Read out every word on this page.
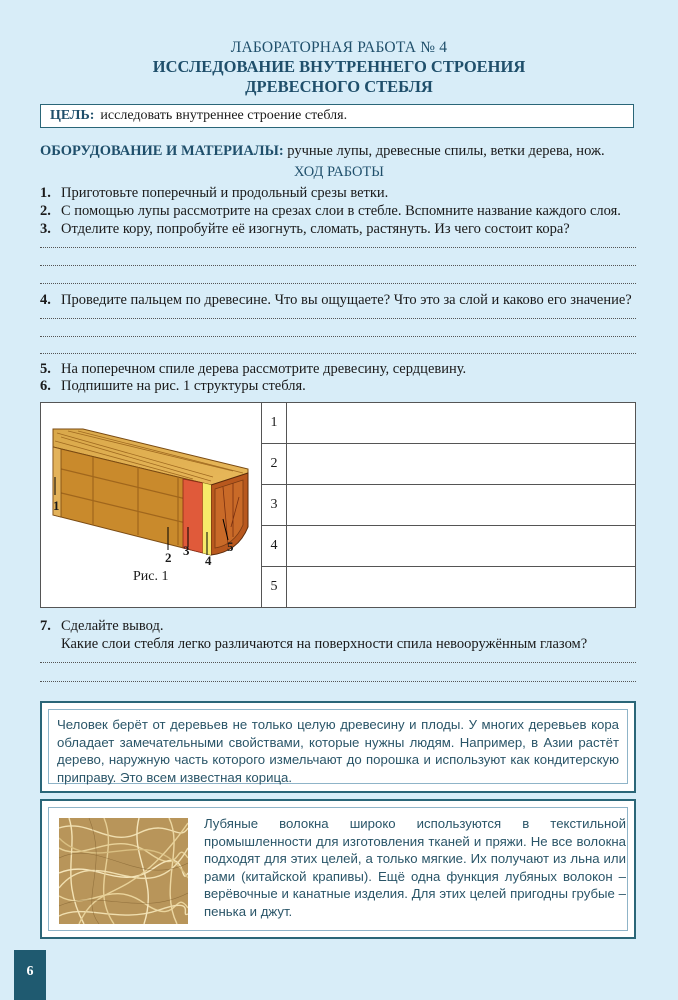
ЛАБОРАТОРНАЯ РАБОТА № 4
ИССЛЕДОВАНИЕ ВНУТРЕННЕГО СТРОЕНИЯ
ДРЕВЕСНОГО СТЕБЛЯ
ЦЕЛЬ: исследовать внутреннее строение стебля.
ОБОРУДОВАНИЕ И МАТЕРИАЛЫ: ручные лупы, древесные спилы, ветки дерева, нож.
ХОД РАБОТЫ
1. Приготовьте поперечный и продольный срезы ветки.
2. С помощью лупы рассмотрите на срезах слои в стебле. Вспомните название каждого слоя.
3. Отделите кору, попробуйте её изогнуть, сломать, растянуть. Из чего состоит кора?
4. Проведите пальцем по древесине. Что вы ощущаете? Что это за слой и каково его значение?
5. На поперечном спиле дерева рассмотрите древесину, сердцевину.
6. Подпишите на рис. 1 структуры стебля.
1
2 3
4
5
Рис. 1
1	
2	
3	
4	
5	
7. Сделайте вывод.
Какие слои стебля легко различаются на поверхности спила невооружённым глазом?
Человек берёт от деревьев не только целую древесину и плоды. У многих деревьев кора обладает замечательными свойствами, которые нужны людям. Например, в Азии растёт дерево, наружную часть которого измельчают до порошка и используют как кондитерскую приправу. Это всем известная корица.
Лубяные волокна широко используются в текстильной промышленности для изготовления тканей и пряжи. Не все волокна подходят для этих целей, а только мягкие. Их получают из льна или рами (китайской крапивы). Ещё одна функция лубяных волокон – верёвочные и канатные изделия. Для этих целей пригодны грубые – пенька и джут.
6
